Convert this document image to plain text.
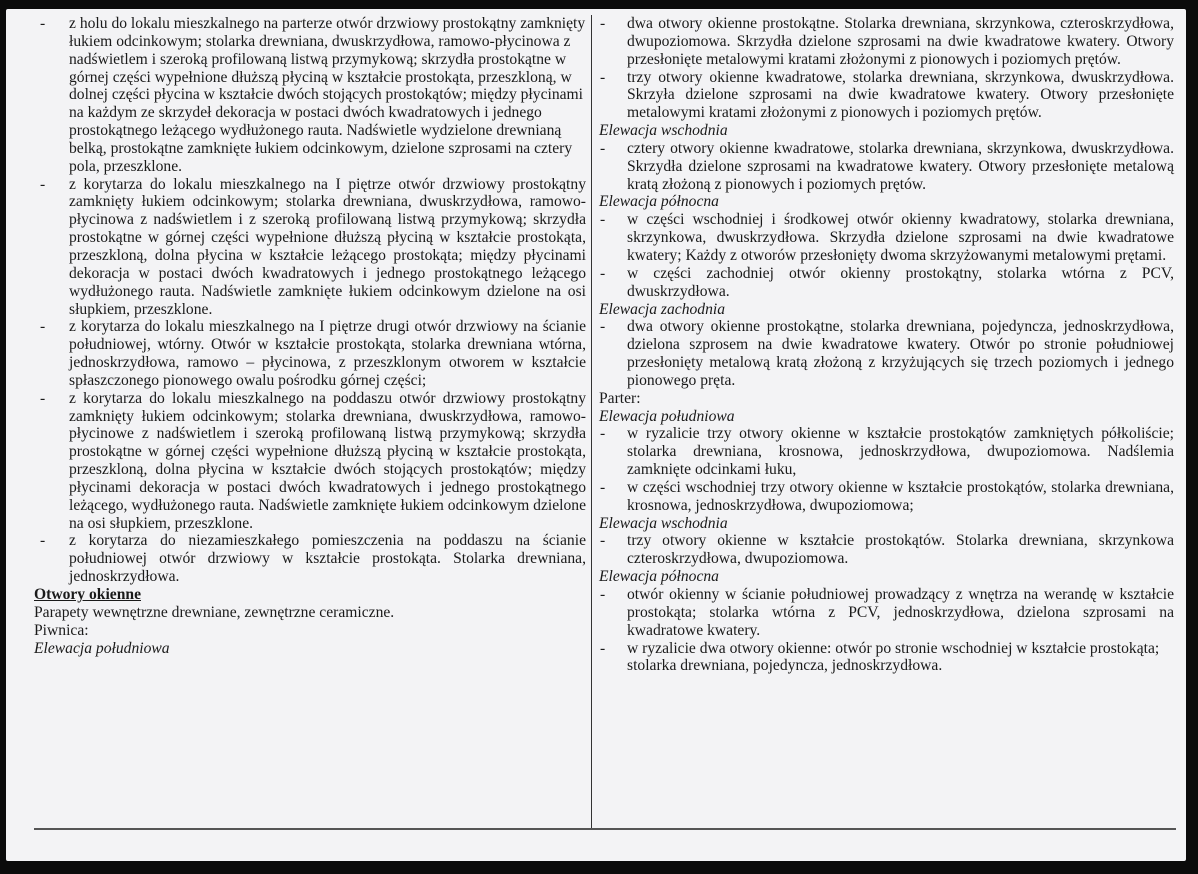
- z holu do lokalu mieszkalnego na parterze otwór drzwiowy prostokątny zamknięty łukiem odcinkowym; stolarka drewniana, dwuskrzydłowa, ramowo-płycinowa z nadświetlem i szeroką profilowaną listwą przymykową; skrzydła prostokątne w górnej części wypełnione dłuższą płyciną w kształcie prostokąta, przeszkloną, w dolnej części płycina w kształcie dwóch stojących prostokątów; między płycinami na każdym ze skrzydeł dekoracja w postaci dwóch kwadratowych i jednego prostokątnego leżącego wydłużonego rauta. Nadświetle wydzielone drewnianą belką, prostokątne zamknięte łukiem odcinkowym, dzielone szprosami na cztery pola, przeszklone.
- z korytarza do lokalu mieszkalnego na I piętrze otwór drzwiowy prostokątny zamknięty łukiem odcinkowym; stolarka drewniana, dwuskrzydłowa, ramowo-płycinowa z nadświetlem i z szeroką profilowaną listwą przymykową; skrzydła prostokątne w górnej części wypełnione dłuższą płyciną w kształcie prostokąta, przeszkloną, dolna płycina w kształcie leżącego prostokąta; między płycinami dekoracja w postaci dwóch kwadratowych i jednego prostokątnego leżącego wydłużonego rauta. Nadświetle zamknięte łukiem odcinkowym dzielone na osi słupkiem, przeszklone.
- z korytarza do lokalu mieszkalnego na I piętrze drugi otwór drzwiowy na ścianie południowej, wtórny. Otwór w kształcie prostokąta, stolarka drewniana wtórna, jednoskrzydłowa, ramowo – płycinowa, z przeszklonym otworem w kształcie spłaszczonego pionowego owalu pośrodku górnej części;
- z korytarza do lokalu mieszkalnego na poddaszu otwór drzwiowy prostokątny zamknięty łukiem odcinkowym; stolarka drewniana, dwuskrzydłowa, ramowo-płycinowe z nadświetlem i szeroką profilowaną listwą przymykową; skrzydła prostokątne w górnej części wypełnione dłuższą płyciną w kształcie prostokąta, przeszkloną, dolna płycina w kształcie dwóch stojących prostokątów; między płycinami dekoracja w postaci dwóch kwadratowych i jednego prostokątnego leżącego, wydłużonego rauta. Nadświetle zamknięte łukiem odcinkowym dzielone na osi słupkiem, przeszklone.
- z korytarza do niezamieszkałego pomieszczenia na poddaszu na ścianie południowej otwór drzwiowy w kształcie prostokąta. Stolarka drewniana, jednoskrzydłowa.
Otwory okienne
Parapety wewnętrzne drewniane, zewnętrzne ceramiczne.
Piwnica:
Elewacja południowa
- dwa otwory okienne prostokątne. Stolarka drewniana, skrzynkowa, czteroskrzydłowa, dwupoziomowa. Skrzydła dzielone szprosami na dwie kwadratowe kwatery. Otwory przesłonięte metalowymi kratami złożonymi z pionowych i poziomych prętów.
- trzy otwory okienne kwadratowe, stolarka drewniana, skrzynkowa, dwuskrzydłowa. Skrzyła dzielone szprosami na dwie kwadratowe kwatery. Otwory przesłonięte metalowymi kratami złożonymi z pionowych i poziomych prętów.
Elewacja wschodnia
- cztery otwory okienne kwadratowe, stolarka drewniana, skrzynkowa, dwuskrzydłowa. Skrzydła dzielone szprosami na kwadratowe kwatery. Otwory przesłonięte metalową kratą złożoną z pionowych i poziomych prętów.
Elewacja północna
- w części wschodniej i środkowej otwór okienny kwadratowy, stolarka drewniana, skrzynkowa, dwuskrzydłowa. Skrzydła dzielone szprosami na dwie kwadratowe kwatery; Każdy z otworów przesłonięty dwoma skrzyżowanymi metalowymi prętami.
- w części zachodniej otwór okienny prostokątny, stolarka wtórna z PCV, dwuskrzydłowa.
Elewacja zachodnia
- dwa otwory okienne prostokątne, stolarka drewniana, pojedyncza, jednoskrzydłowa, dzielona szprosem na dwie kwadratowe kwatery. Otwór po stronie południowej przesłonięty metalową kratą złożoną z krzyżujących się trzech poziomych i jednego pionowego pręta.
Parter:
Elewacja południowa
- w ryzalicie trzy otwory okienne w kształcie prostokątów zamkniętych półkoliście; stolarka drewniana, krosnowa, jednoskrzydłowa, dwupoziomowa. Nadślemia zamknięte odcinkami łuku,
- w części wschodniej trzy otwory okienne w kształcie prostokątów, stolarka drewniana, krosnowa, jednoskrzydłowa, dwupoziomowa;
Elewacja wschodnia
- trzy otwory okienne w kształcie prostokątów. Stolarka drewniana, skrzynkowa czteroskrzydłowa, dwupoziomowa.
Elewacja północna
- otwór okienny w ścianie południowej prowadzący z wnętrza na werandę w kształcie prostokąta; stolarka wtórna z PCV, jednoskrzydłowa, dzielona szprosami na kwadratowe kwatery.
- w ryzalicie dwa otwory okienne: otwór po stronie wschodniej w kształcie prostokąta; stolarka drewniana, pojedyncza, jednoskrzydłowa.
